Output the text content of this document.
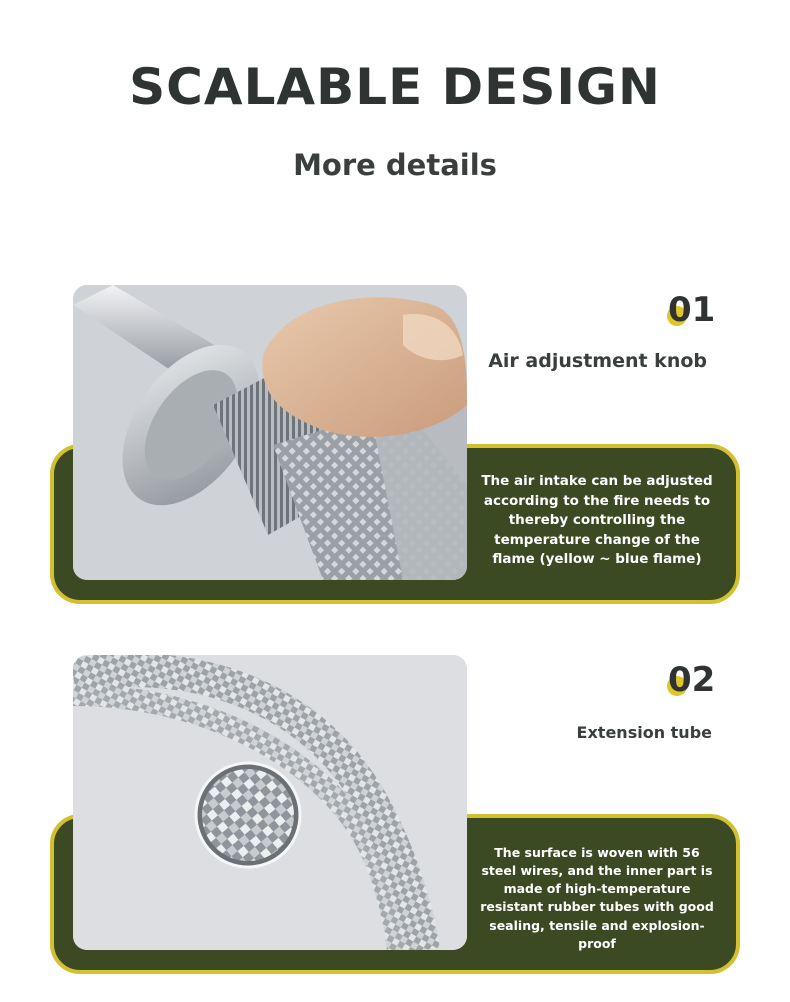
SCALABLE DESIGN
More details
01
Air adjustment knob

The air intake can be adjusted according to the fire needs to thereby controlling the temperature change of the flame (yellow ~ blue flame)

02
Extension tube

The surface is woven with 56 steel wires, and the inner part is made of high-temperature resistant rubber tubes with good sealing, tensile and explosion-proof
